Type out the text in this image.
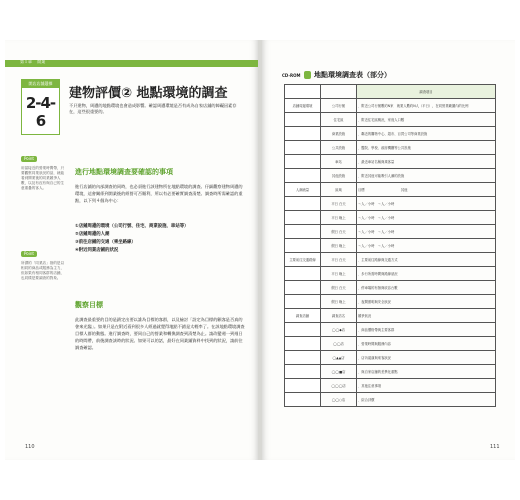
第１章 開業
開店店舗選擇
2-4-6
建物評價② 地點環境的調查
不只建物，周遭的地點環境也會造成影響。確認周遭環境是否有成為自家店鋪的障礙因素存在，這些很重要的。
Point
用當接近的營業時間帶，只要觀察同業狀況的話，就能看到開業後的同業競爭人數，以及有沒有與自己的生意重疊的客人。
Point
所謂的「同業店」指的是以相同的商品或服務為主力，但如果有相同客群的店鋪，也同樣是要調查的對象。
進行地點環境調查要確認的事項
進行店鋪的內部調查的同時，也必須進行該建物所在地點環境的調查。仔細觀察建物周遭的環境，這會關係到開業後的經營可否順利，所以有必要確實調查清楚。調查時所需確認的重點，以下列４個為中心：
①店鋪周邊的環境（公司行號、住宅、商業設施、車站等）
②店鋪周邊的人潮
③前往店鋪的交通（乘坐路線）
④附近同業店鋪的狀況
觀察目標
此調查最重要的目的是鎖定出要以誰為目標的客群，以及檢討「設定為目標的顧客是否真的會來光臨」。如果只是在附近看到很多人經過就覺得地點不錯是太輕率了。在該地點環境調查目標人群的動態。進行調查時，要同自己的營業和轉換調查到清楚為止。請改變週一到週日的時間帶，前後調查該時的狀況。如果可以的話，最好在同業鋪資料中找到的狀況，請前往調查確認。
110
CD-ROM 地點環境調查表（部分）
		調查項目
店鋪周邊環境	公司行號	．附近公司行號數約N家　就業人數約N人（平日），在同營業範圍內的比例
	住宅區	．附近住宅區概況，家庭人口數
	商業設施	．鄰近的購物中心、超市、百貨公司等商業設施
	公共設施	．醫院、學校、政府機關等公共設施
	車站	．最近車站名稱與乘客量
	其他設施	．附近其他可能吸引人潮的設施
人潮流量	區域	目標　　　　　　　　　　　其他
	平日 白天	〜人／小時　〜人／小時
	平日 晚上	〜人／小時　〜人／小時
	假日 白天	〜人／小時　〜人／小時
	假日 晚上	〜人／小時　〜人／小時
主要前往交通路線	平日 白天	．主要前往路線與交通方式
	平日 晚上	．步行所需時間與路線狀況
	假日 白天	．停車場的有無與收容台數
	假日 晚上	．夜間照明與安全狀況
調查店鋪	調查店名	競爭狀況
	◯◯◆店	．商品價格帶與主要客群
	◯◯店	．營業時間與服務內容
	◯▲▲店	．店內裝潢與來客狀況
	◯◯■店	．與自家店鋪的差異化重點
	◯◯◯店	．其他注意事項
	◯◯○店	．綜合評價
111
